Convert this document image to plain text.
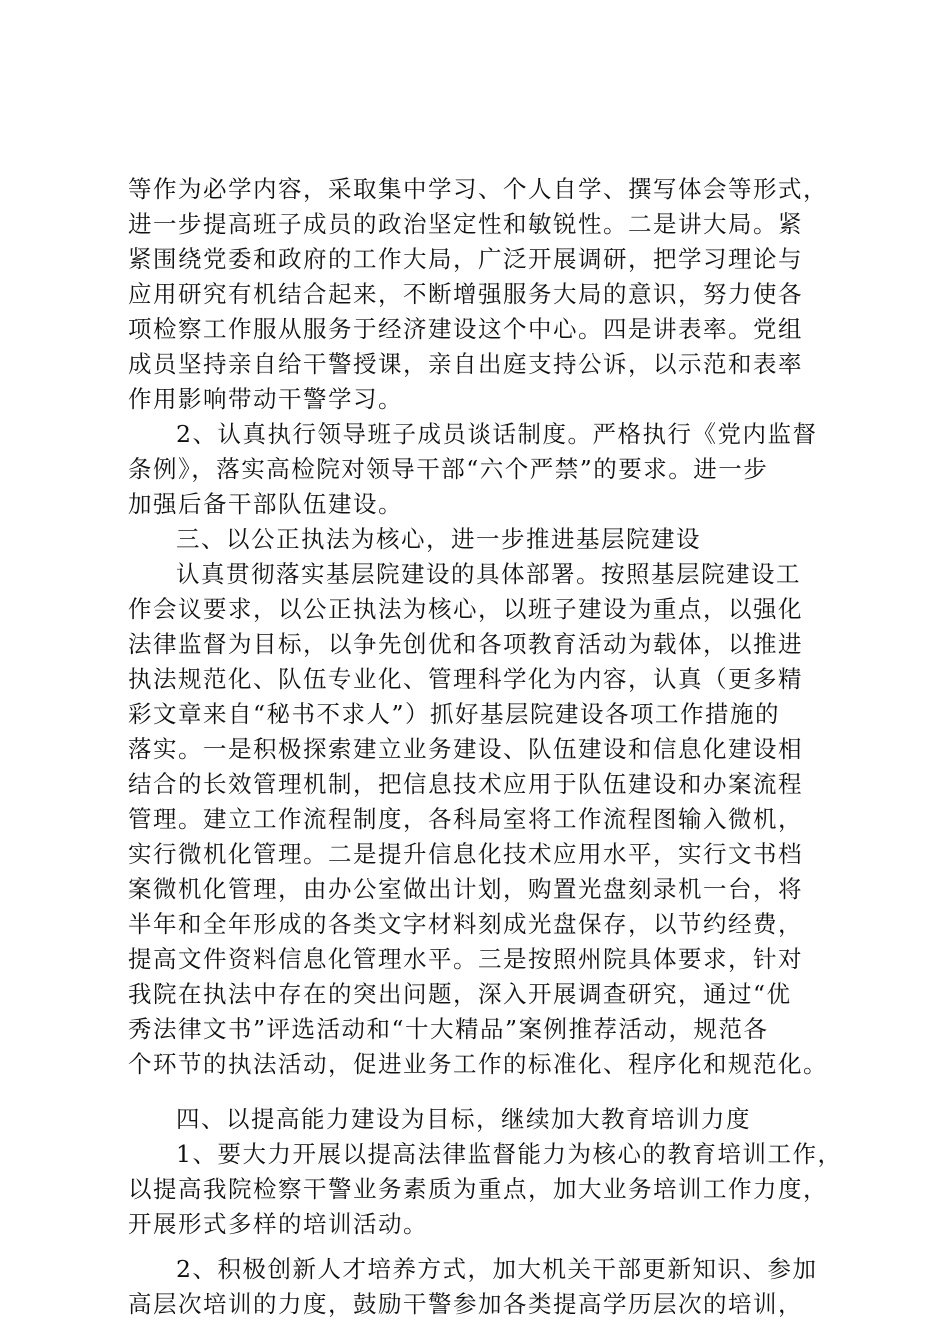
等作为必学内容，采取集中学习、个人自学、撰写体会等形式，
进一步提高班子成员的政治坚定性和敏锐性。二是讲大局。紧
紧围绕党委和政府的工作大局，广泛开展调研，把学习理论与
应用研究有机结合起来，不断增强服务大局的意识，努力使各
项检察工作服从服务于经济建设这个中心。四是讲表率。党组
成员坚持亲自给干警授课，亲自出庭支持公诉，以示范和表率
作用影响带动干警学习。
2、认真执行领导班子成员谈话制度。严格执行《党内监督
条例》，落实高检院对领导干部“六个严禁”的要求。进一步
加强后备干部队伍建设。
三、以公正执法为核心，进一步推进基层院建设
认真贯彻落实基层院建设的具体部署。按照基层院建设工
作会议要求，以公正执法为核心，以班子建设为重点，以强化
法律监督为目标，以争先创优和各项教育活动为载体，以推进
执法规范化、队伍专业化、管理科学化为内容，认真（更多精
彩文章来自“秘书不求人”）抓好基层院建设各项工作措施的
落实。一是积极探索建立业务建设、队伍建设和信息化建设相
结合的长效管理机制，把信息技术应用于队伍建设和办案流程
管理。建立工作流程制度，各科局室将工作流程图输入微机，
实行微机化管理。二是提升信息化技术应用水平，实行文书档
案微机化管理，由办公室做出计划，购置光盘刻录机一台，将
半年和全年形成的各类文字材料刻成光盘保存，以节约经费，
提高文件资料信息化管理水平。三是按照州院具体要求，针对
我院在执法中存在的突出问题，深入开展调查研究，通过“优
秀法律文书”评选活动和“十大精品”案例推荐活动，规范各
个环节的执法活动，促进业务工作的标准化、程序化和规范化。
四、以提高能力建设为目标，继续加大教育培训力度
1、要大力开展以提高法律监督能力为核心的教育培训工作，
以提高我院检察干警业务素质为重点，加大业务培训工作力度，
开展形式多样的培训活动。
2、积极创新人才培养方式，加大机关干部更新知识、参加
高层次培训的力度，鼓励干警参加各类提高学历层次的培训，
